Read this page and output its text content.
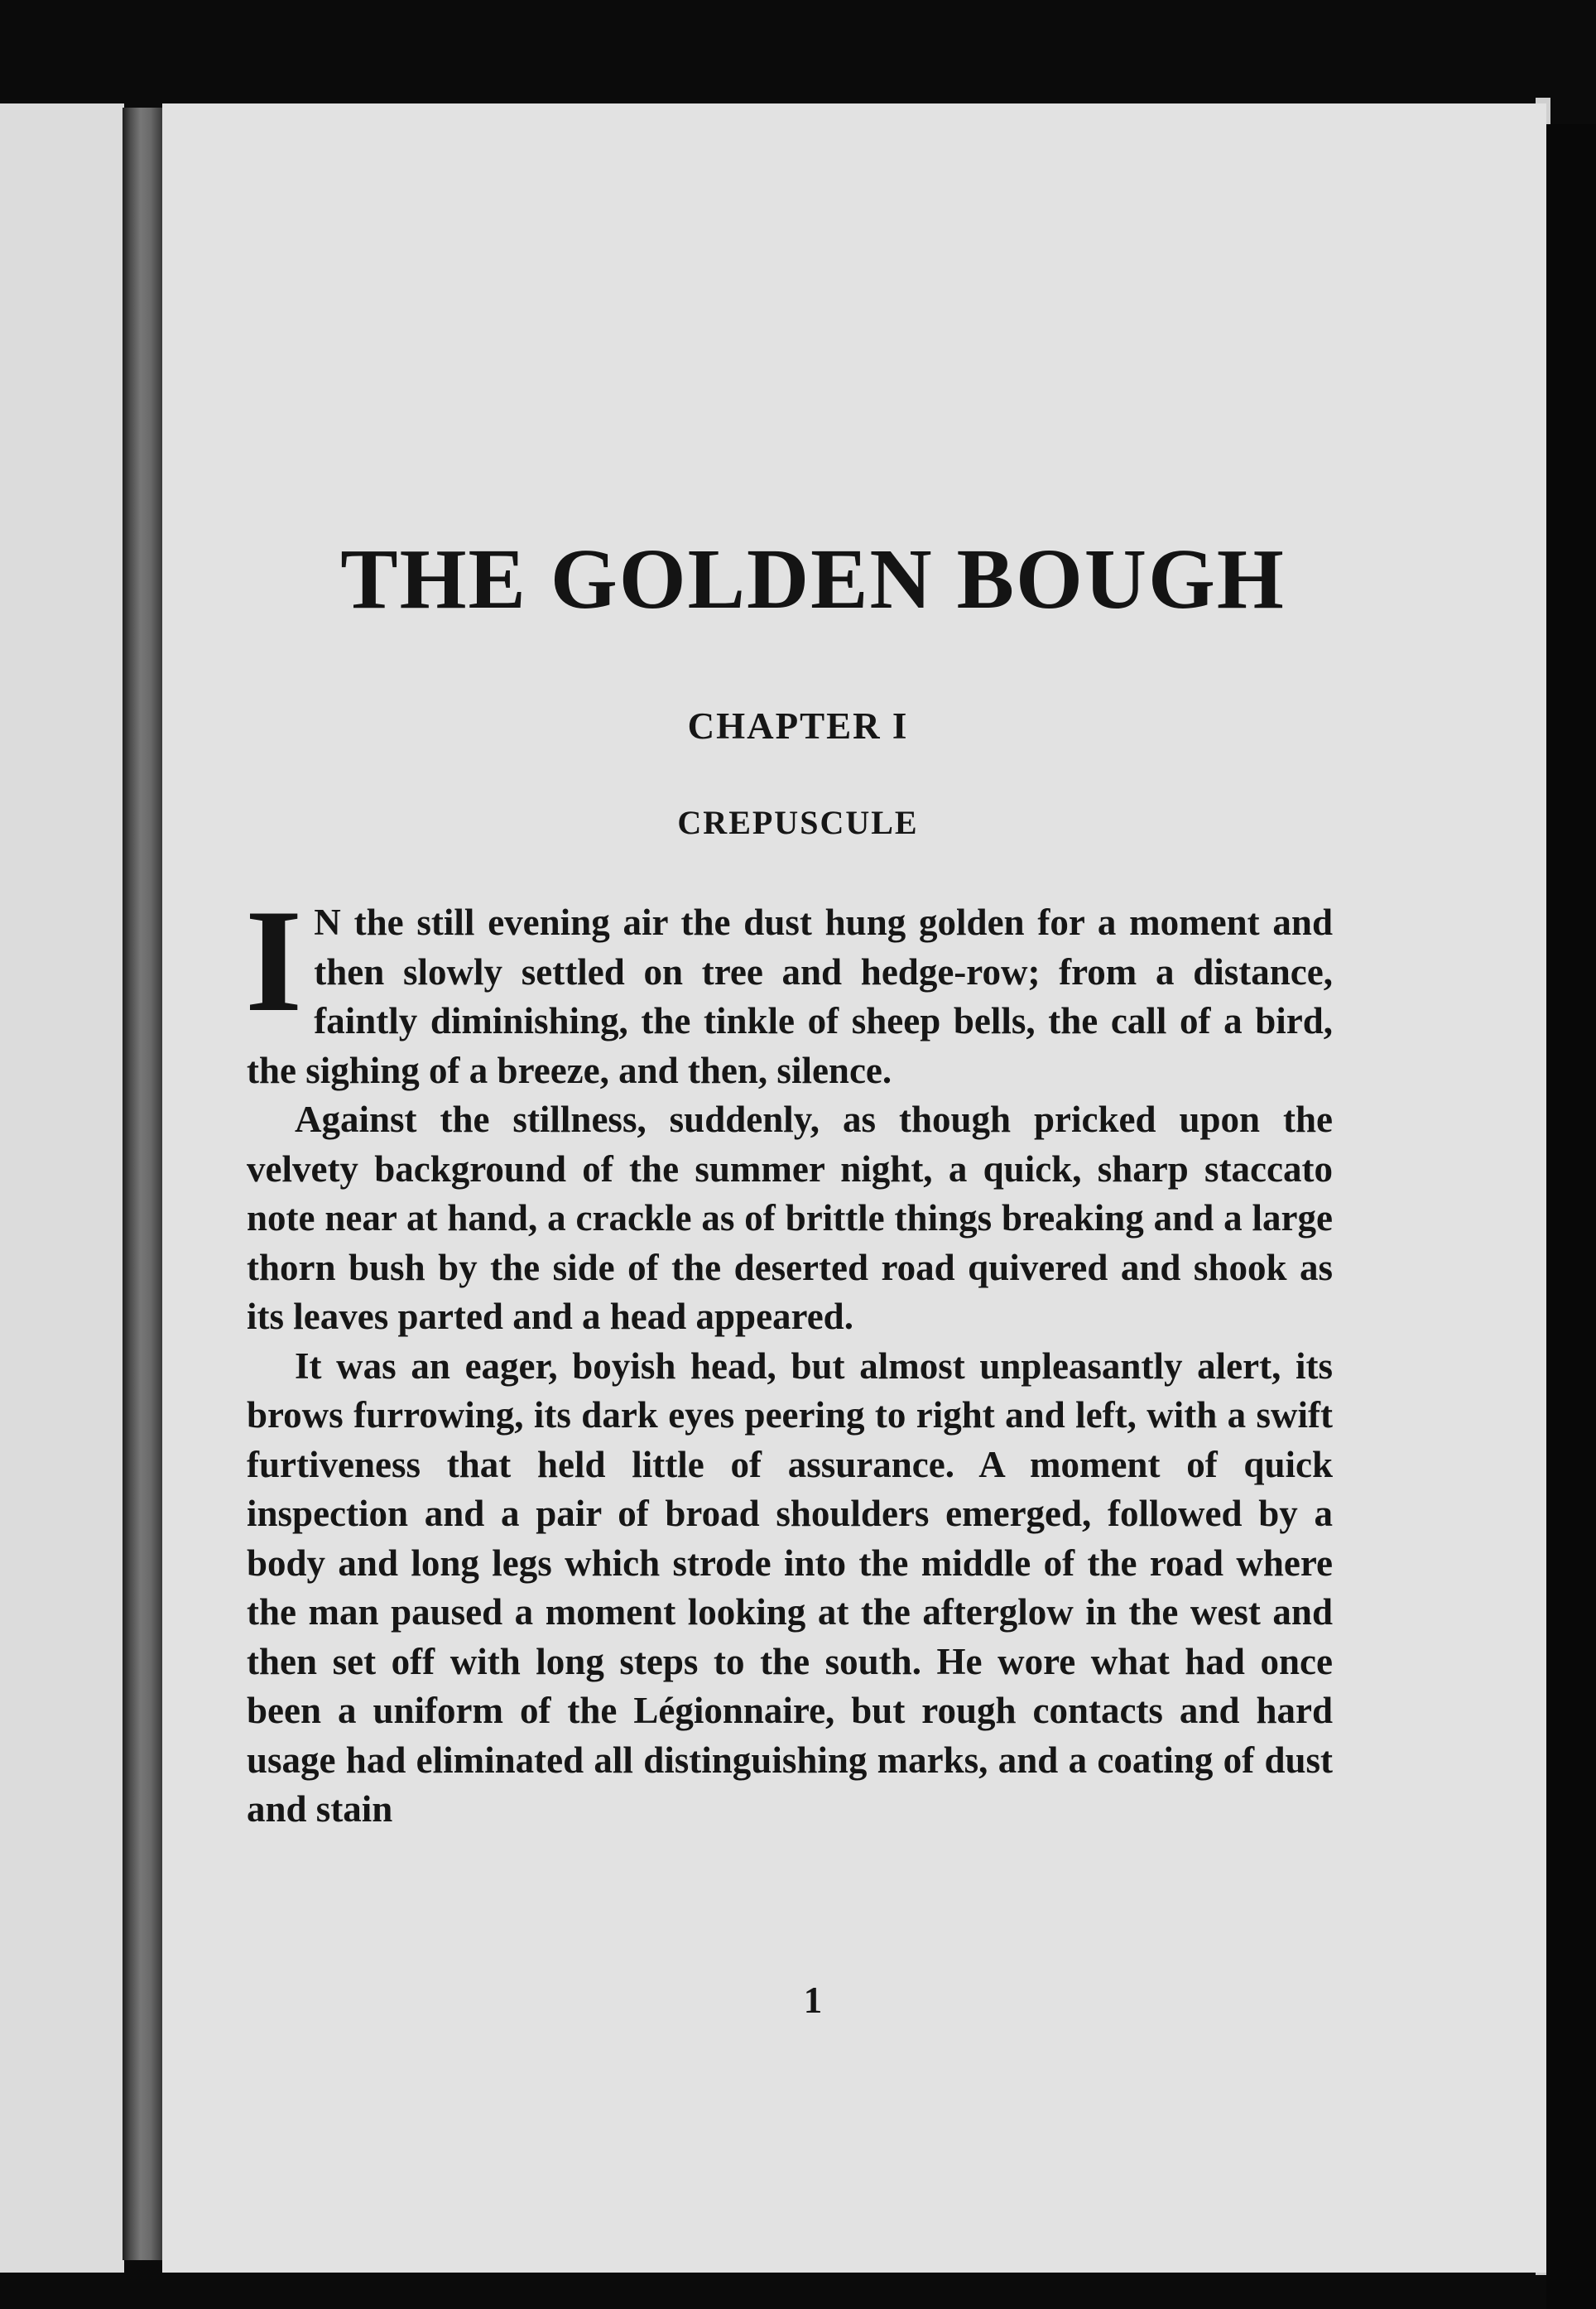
THE GOLDEN BOUGH
CHAPTER I
CREPUSCULE

I N the still evening air the dust hung golden for a moment and then slowly settled on tree and hedge-row; from a distance, faintly diminishing, the tinkle of sheep bells, the call of a bird, the sighing of a breeze, and then, silence.

Against the stillness, suddenly, as though pricked upon the velvety background of the summer night, a quick, sharp staccato note near at hand, a crackle as of brittle things breaking and a large thorn bush by the side of the deserted road quivered and shook as its leaves parted and a head appeared.

It was an eager, boyish head, but almost unpleasantly alert, its brows furrowing, its dark eyes peering to right and left, with a swift furtiveness that held little of assurance. A moment of quick inspection and a pair of broad shoulders emerged, followed by a body and long legs which strode into the middle of the road where the man paused a moment looking at the afterglow in the west and then set off with long steps to the south. He wore what had once been a uniform of the Légionnaire, but rough contacts and hard usage had eliminated all distinguishing marks, and a coating of dust and stain

1
